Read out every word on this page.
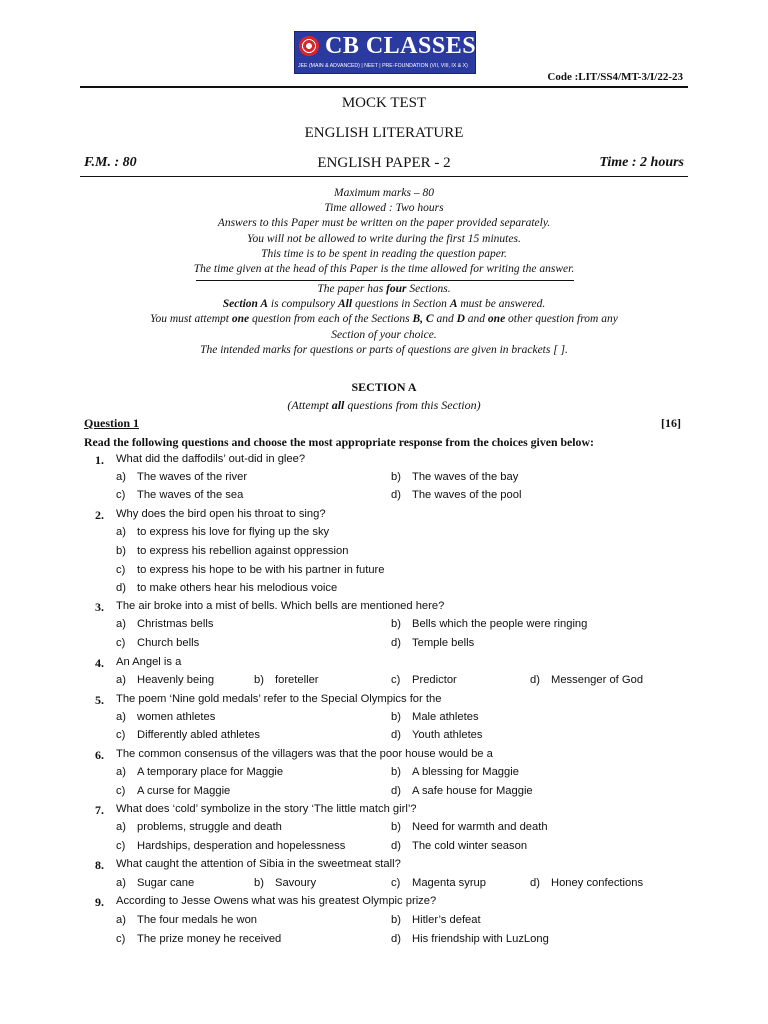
CB CLASSES
JEE (MAIN & ADVANCED) | NEET | PRE-FOUNDATION (VII, VIII, IX & X)
Code :LIT/SS4/MT-3/I/22-23
MOCK TEST
ENGLISH LITERATURE
ENGLISH PAPER - 2
F.M. : 80	Time : 2 hours
Maximum marks – 80
Time allowed : Two hours
Answers to this Paper must be written on the paper provided separately.
You will not be allowed to write during the first 15 minutes.
This time is to be spent in reading the question paper.
The time given at the head of this Paper is the time allowed for writing the answer.
The paper has four Sections.
Section A is compulsory All questions in Section A must be answered.
You must attempt one question from each of the Sections B, C and D and one other question from any
Section of your choice.
The intended marks for questions or parts of questions are given in brackets [ ].
SECTION A
(Attempt all questions from this Section)
Question 1	[16]
Read the following questions and choose the most appropriate response from the choices given below:
1. What did the daffodils’ out-did in glee?
a) The waves of the river	b) The waves of the bay
c) The waves of the sea	d) The waves of the pool
2. Why does the bird open his throat to sing?
a) to express his love for flying up the sky
b) to express his rebellion against oppression
c) to express his hope to be with his partner in future
d) to make others hear his melodious voice
3. The air broke into a mist of bells. Which bells are mentioned here?
a) Christmas bells	b) Bells which the people were ringing
c) Church bells	d) Temple bells
4. An Angel is a
a) Heavenly being	b) foreteller	c) Predictor	d) Messenger of God
5. The poem ‘Nine gold medals’ refer to the Special Olympics for the
a) women athletes	b) Male athletes
c) Differently abled athletes	d) Youth athletes
6. The common consensus of the villagers was that the poor house would be a
a) A temporary place for Maggie	b) A blessing for Maggie
c) A curse for Maggie	d) A safe house for Maggie
7. What does ‘cold’ symbolize in the story ‘The little match girl’?
a) problems, struggle and death	b) Need for warmth and death
c) Hardships, desperation and hopelessness	d) The cold winter season
8. What caught the attention of Sibia in the sweetmeat stall?
a) Sugar cane	b) Savoury	c) Magenta syrup	d) Honey confections
9. According to Jesse Owens what was his greatest Olympic prize?
a) The four medals he won	b) Hitler’s defeat
c) The prize money he received	d) His friendship with LuzLong
